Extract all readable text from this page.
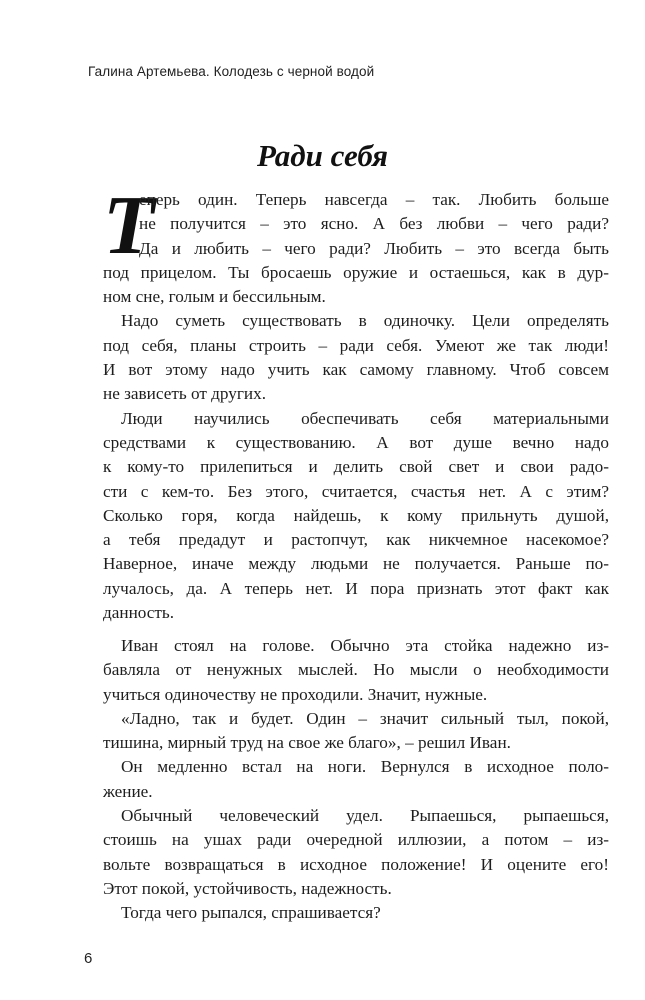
Галина Артемьева. Колодезь с черной водой
Ради себя
Т
еперь один. Теперь навсегда – так. Любить больше
не получится – это ясно. А без любви – чего ради?
Да и любить – чего ради? Любить – это всегда быть
под прицелом. Ты бросаешь оружие и остаешься, как в дур-
ном сне, голым и бессильным.
Надо суметь существовать в одиночку. Цели определять
под себя, планы строить – ради себя. Умеют же так люди!
И вот этому надо учить как самому главному. Чтоб совсем
не зависеть от других.
Люди научились обеспечивать себя материальными
средствами к существованию. А вот душе вечно надо
к кому-то прилепиться и делить свой свет и свои радо-
сти с кем-то. Без этого, считается, счастья нет. А с этим?
Сколько горя, когда найдешь, к кому прильнуть душой,
а тебя предадут и растопчут, как никчемное насекомое?
Наверное, иначе между людьми не получается. Раньше по-
лучалось, да. А теперь нет. И пора признать этот факт как
данность.
Иван стоял на голове. Обычно эта стойка надежно из-
бавляла от ненужных мыслей. Но мысли о необходимости
учиться одиночеству не проходили. Значит, нужные.
«Ладно, так и будет. Один – значит сильный тыл, покой,
тишина, мирный труд на свое же благо», – решил Иван.
Он медленно встал на ноги. Вернулся в исходное поло-
жение.
Обычный человеческий удел. Рыпаешься, рыпаешься,
стоишь на ушах ради очередной иллюзии, а потом – из-
вольте возвращаться в исходное положение! И оцените его!
Этот покой, устойчивость, надежность.
Тогда чего рыпался, спрашивается?
6
